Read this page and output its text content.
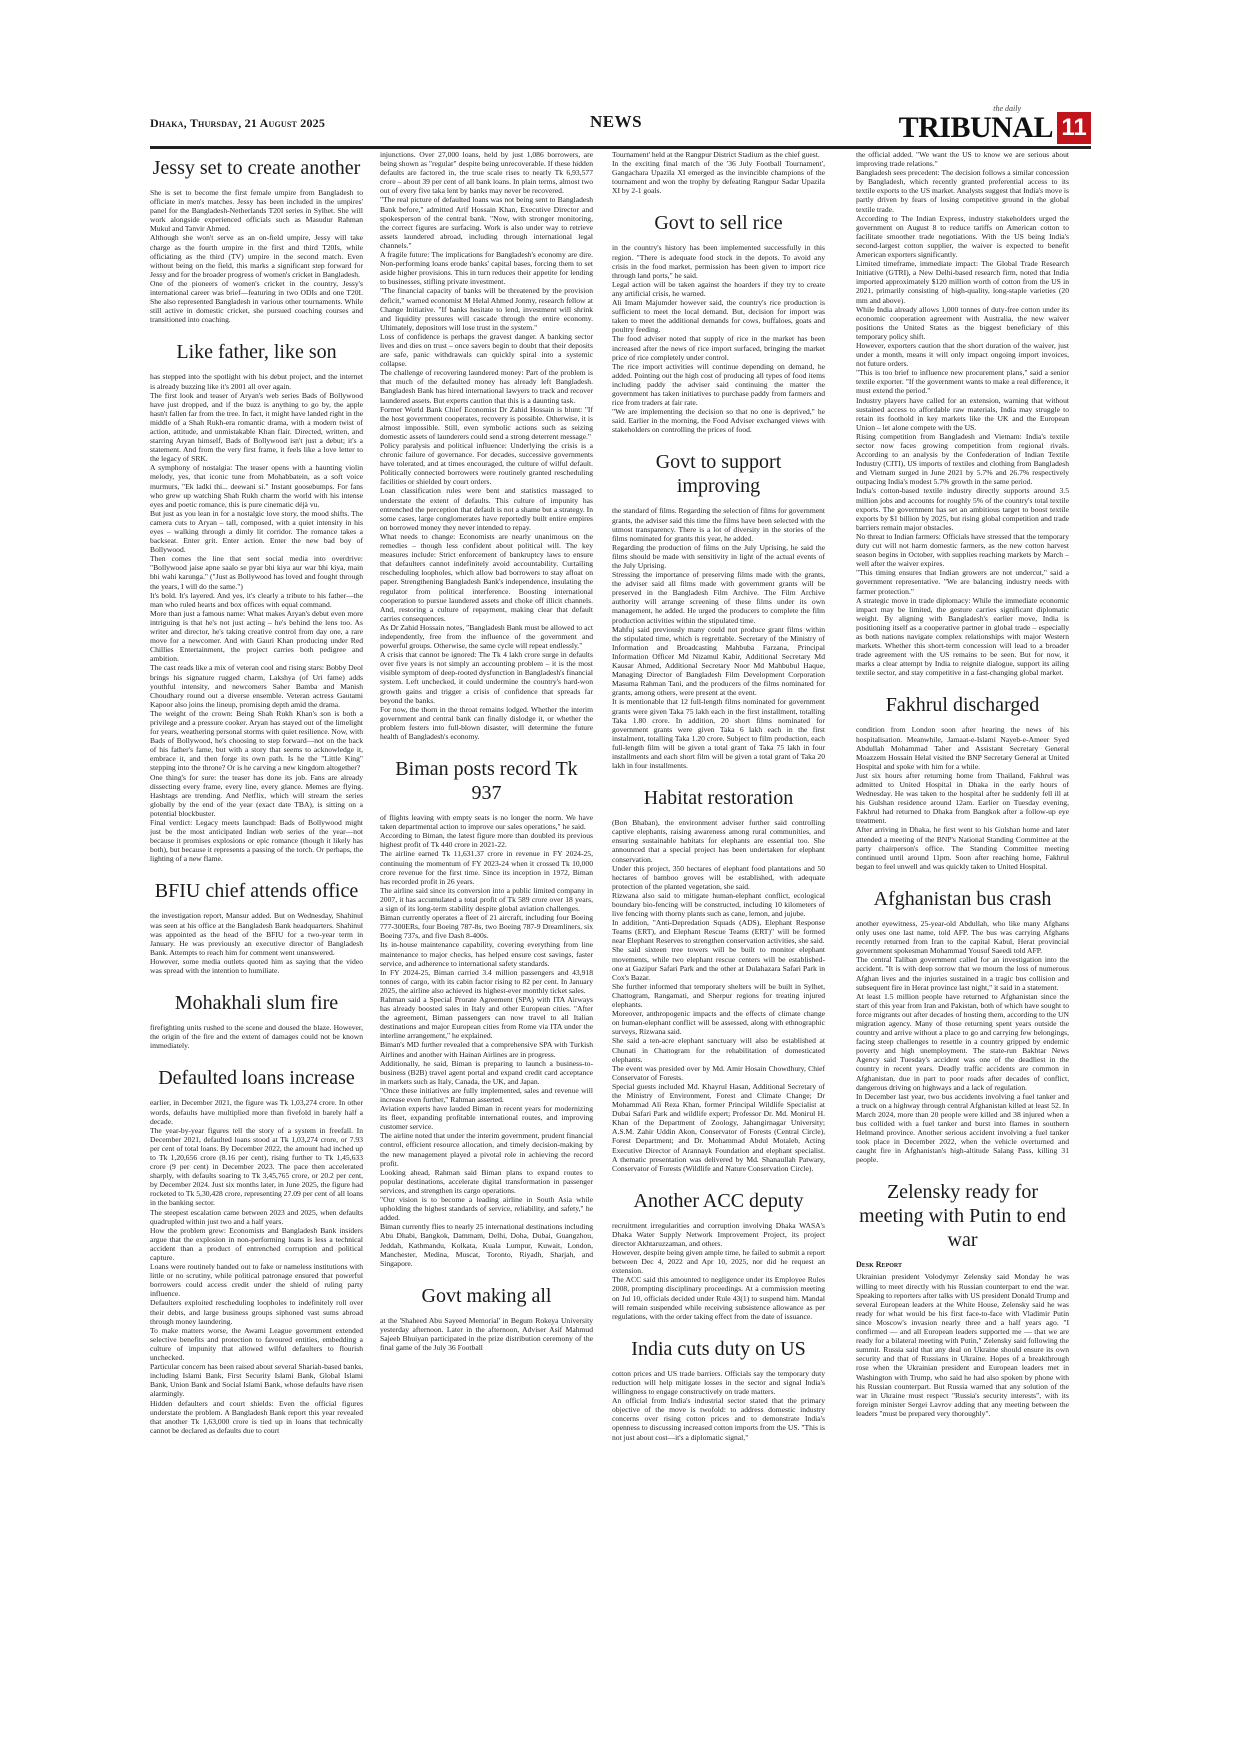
Dhaka, Thursday, 21 August 2025	NEWS
the daily
TRIBUNAL 11
Jessy set to create another
She is set to become the first female umpire from Bangladesh to officiate in men's matches. Jessy has been included in the umpires' panel for the Bangladesh-Netherlands T20I series in Sylhet. She will work alongside experienced officials such as Masudur Rahman Mukul and Tanvir Ahmed.
Although she won't serve as an on-field umpire, Jessy will take charge as the fourth umpire in the first and third T20Is, while officiating as the third (TV) umpire in the second match. Even without being on the field, this marks a significant step forward for Jessy and for the broader progress of women's cricket in Bangladesh.
One of the pioneers of women's cricket in the country, Jessy's international career was brief—featuring in two ODIs and one T20I. She also represented Bangladesh in various other tournaments. While still active in domestic cricket, she pursued coaching courses and transitioned into coaching.
Like father, like son
has stepped into the spotlight with his debut project, and the internet is already buzzing like it's 2001 all over again.
The first look and teaser of Aryan's web series Bads of Bollywood have just dropped, and if the buzz is anything to go by, the apple hasn't fallen far from the tree. In fact, it might have landed right in the middle of a Shah Rukh-era romantic drama, with a modern twist of action, attitude, and unmistakable Khan flair. Directed, written, and starring Aryan himself, Bads of Bollywood isn't just a debut; it's a statement. And from the very first frame, it feels like a love letter to the legacy of SRK.
A symphony of nostalgia: The teaser opens with a haunting violin melody, yes, that iconic tune from Mohabbatein, as a soft voice murmurs, "Ek ladki thi... deewani si." Instant goosebumps. For fans who grew up watching Shah Rukh charm the world with his intense eyes and poetic romance, this is pure cinematic déjà vu.
But just as you lean in for a nostalgic love story, the mood shifts. The camera cuts to Aryan – tall, composed, with a quiet intensity in his eyes – walking through a dimly lit corridor. The romance takes a backseat. Enter grit. Enter action. Enter the new bad boy of Bollywood.
Then comes the line that sent social media into overdrive: "Bollywood jaise apne saalo se pyar bhi kiya aur war bhi kiya, main bhi wahi karunga." ("Just as Bollywood has loved and fought through the years, I will do the same.")
It's bold. It's layered. And yes, it's clearly a tribute to his father—the man who ruled hearts and box offices with equal command.
More than just a famous name: What makes Aryan's debut even more intriguing is that he's not just acting – he's behind the lens too. As writer and director, he's taking creative control from day one, a rare move for a newcomer. And with Gauri Khan producing under Red Chillies Entertainment, the project carries both pedigree and ambition.
The cast reads like a mix of veteran cool and rising stars: Bobby Deol brings his signature rugged charm, Lakshya (of Uri fame) adds youthful intensity, and newcomers Saher Bamba and Manish Choudhary round out a diverse ensemble. Veteran actress Gautami Kapoor also joins the lineup, promising depth amid the drama.
The weight of the crown: Being Shah Rukh Khan's son is both a privilege and a pressure cooker. Aryan has stayed out of the limelight for years, weathering personal storms with quiet resilience. Now, with Bads of Bollywood, he's choosing to step forward—not on the back of his father's fame, but with a story that seems to acknowledge it, embrace it, and then forge its own path. Is he the "Little King" stepping into the throne? Or is he carving a new kingdom altogether?
One thing's for sure: the teaser has done its job. Fans are already dissecting every frame, every line, every glance. Memes are flying. Hashtags are trending. And Netflix, which will stream the series globally by the end of the year (exact date TBA), is sitting on a potential blockbuster.
Final verdict: Legacy meets launchpad: Bads of Bollywood might just be the most anticipated Indian web series of the year—not because it promises explosions or epic romance (though it likely has both), but because it represents a passing of the torch. Or perhaps, the lighting of a new flame.
BFIU chief attends office
the investigation report, Mansur added. But on Wednesday, Shahinul was seen at his office at the Bangladesh Bank headquarters. Shahinul was appointed as the head of the BFIU for a two-year term in January. He was previously an executive director of Bangladesh Bank. Attempts to reach him for comment went unanswered.
However, some media outlets quoted him as saying that the video was spread with the intention to humiliate.
Mohakhali slum fire
firefighting units rushed to the scene and doused the blaze. However, the origin of the fire and the extent of damages could not be known immediately.
Defaulted loans increase
earlier, in December 2021, the figure was Tk 1,03,274 crore. In other words, defaults have multiplied more than fivefold in barely half a decade.
The year-by-year figures tell the story of a system in freefall. In December 2021, defaulted loans stood at Tk 1,03,274 crore, or 7.93 per cent of total loans. By December 2022, the amount had inched up to Tk 1,20,656 crore (8.16 per cent), rising further to Tk 1,45,633 crore (9 per cent) in December 2023. The pace then accelerated sharply, with defaults soaring to Tk 3,45,765 crore, or 20.2 per cent, by December 2024. Just six months later, in June 2025, the figure had rocketed to Tk 5,30,428 crore, representing 27.09 per cent of all loans in the banking sector.
The steepest escalation came between 2023 and 2025, when defaults quadrupled within just two and a half years.
How the problem grew: Economists and Bangladesh Bank insiders argue that the explosion in non-performing loans is less a technical accident than a product of entrenched corruption and political capture.
Loans were routinely handed out to fake or nameless institutions with little or no scrutiny, while political patronage ensured that powerful borrowers could access credit under the shield of ruling party influence.
Defaulters exploited rescheduling loopholes to indefinitely roll over their debts, and large business groups siphoned vast sums abroad through money laundering.
To make matters worse, the Awami League government extended selective benefits and protection to favoured entities, embedding a culture of impunity that allowed wilful defaulters to flourish unchecked.
Particular concern has been raised about several Shariah-based banks, including Islami Bank, First Security Islami Bank, Global Islami Bank, Union Bank and Social Islami Bank, whose defaults have risen alarmingly.
Hidden defaulters and court shields: Even the official figures understate the problem. A Bangladesh Bank report this year revealed that another Tk 1,63,000 crore is tied up in loans that technically cannot be declared as defaults due to court
injunctions. Over 27,000 loans, held by just 1,086 borrowers, are being shown as "regular" despite being unrecoverable. If these hidden defaults are factored in, the true scale rises to nearly Tk 6,93,577 crore – about 39 per cent of all bank loans. In plain terms, almost two out of every five taka lent by banks may never be recovered.
"The real picture of defaulted loans was not being sent to Bangladesh Bank before," admitted Arif Hossain Khan, Executive Director and spokesperson of the central bank. "Now, with stronger monitoring, the correct figures are surfacing. Work is also under way to retrieve assets laundered abroad, including through international legal channels."
A fragile future: The implications for Bangladesh's economy are dire. Non-performing loans erode banks' capital bases, forcing them to set aside higher provisions. This in turn reduces their appetite for lending to businesses, stifling private investment.
"The financial capacity of banks will be threatened by the provision deficit," warned economist M Helal Ahmed Jonmy, research fellow at Change Initiative. "If banks hesitate to lend, investment will shrink and liquidity pressures will cascade through the entire economy. Ultimately, depositors will lose trust in the system."
Loss of confidence is perhaps the gravest danger. A banking sector lives and dies on trust – once savers begin to doubt that their deposits are safe, panic withdrawals can quickly spiral into a systemic collapse.
The challenge of recovering laundered money: Part of the problem is that much of the defaulted money has already left Bangladesh. Bangladesh Bank has hired international lawyers to track and recover laundered assets. But experts caution that this is a daunting task.
Former World Bank Chief Economist Dr Zahid Hossain is blunt: "If the host government cooperates, recovery is possible. Otherwise, it is almost impossible. Still, even symbolic actions such as seizing domestic assets of launderers could send a strong deterrent message."
Policy paralysis and political influence: Underlying the crisis is a chronic failure of governance. For decades, successive governments have tolerated, and at times encouraged, the culture of wilful default. Politically connected borrowers were routinely granted rescheduling facilities or shielded by court orders.
Loan classification rules were bent and statistics massaged to understate the extent of defaults. This culture of impunity has entrenched the perception that default is not a shame but a strategy. In some cases, large conglomerates have reportedly built entire empires on borrowed money they never intended to repay.
What needs to change: Economists are nearly unanimous on the remedies – though less confident about political will. The key measures include: Strict enforcement of bankruptcy laws to ensure that defaulters cannot indefinitely avoid accountability. Curtailing rescheduling loopholes, which allow bad borrowers to stay afloat on paper. Strengthening Bangladesh Bank's independence, insulating the regulator from political interference. Boosting international cooperation to pursue laundered assets and choke off illicit channels. And, restoring a culture of repayment, making clear that default carries consequences.
As Dr Zahid Hossain notes, "Bangladesh Bank must be allowed to act independently, free from the influence of the government and powerful groups. Otherwise, the same cycle will repeat endlessly."
A crisis that cannot be ignored: The Tk 4 lakh crore surge in defaults over five years is not simply an accounting problem – it is the most visible symptom of deep-rooted dysfunction in Bangladesh's financial system. Left unchecked, it could undermine the country's hard-won growth gains and trigger a crisis of confidence that spreads far beyond the banks.
For now, the thorn in the throat remains lodged. Whether the interim government and central bank can finally dislodge it, or whether the problem festers into full-blown disaster, will determine the future health of Bangladesh's economy.
Biman posts record Tk 937
of flights leaving with empty seats is no longer the norm. We have taken departmental action to improve our sales operations," he said.
According to Biman, the latest figure more than doubled its previous highest profit of Tk 440 crore in 2021-22.
The airline earned Tk 11,631.37 crore in revenue in FY 2024-25, continuing the momentum of FY 2023-24 when it crossed Tk 10,000 crore revenue for the first time. Since its inception in 1972, Biman has recorded profit in 26 years.
The airline said since its conversion into a public limited company in 2007, it has accumulated a total profit of Tk 589 crore over 18 years, a sign of its long-term stability despite global aviation challenges.
Biman currently operates a fleet of 21 aircraft, including four Boeing 777-300ERs, four Boeing 787-8s, two Boeing 787-9 Dreamliners, six Boeing 737s, and five Dash 8-400s.
Its in-house maintenance capability, covering everything from line maintenance to major checks, has helped ensure cost savings, faster service, and adherence to international safety standards.
In FY 2024-25, Biman carried 3.4 million passengers and 43,918 tonnes of cargo, with its cabin factor rising to 82 per cent. In January 2025, the airline also achieved its highest-ever monthly ticket sales.
Rahman said a Special Prorate Agreement (SPA) with ITA Airways has already boosted sales in Italy and other European cities. "After the agreement, Biman passengers can now travel to all Italian destinations and major European cities from Rome via ITA under the interline arrangement," he explained.
Biman's MD further revealed that a comprehensive SPA with Turkish Airlines and another with Hainan Airlines are in progress.
Additionally, he said, Biman is preparing to launch a business-to-business (B2B) travel agent portal and expand credit card acceptance in markets such as Italy, Canada, the UK, and Japan.
"Once these initiatives are fully implemented, sales and revenue will increase even further," Rahman asserted.
Aviation experts have lauded Biman in recent years for modernizing its fleet, expanding profitable international routes, and improving customer service.
The airline noted that under the interim government, prudent financial control, efficient resource allocation, and timely decision-making by the new management played a pivotal role in achieving the record profit.
Looking ahead, Rahman said Biman plans to expand routes to popular destinations, accelerate digital transformation in passenger services, and strengthen its cargo operations.
"Our vision is to become a leading airline in South Asia while upholding the highest standards of service, reliability, and safety," he added.
Biman currently flies to nearly 25 international destinations including Abu Dhabi, Bangkok, Dammam, Delhi, Doha, Dubai, Guangzhou, Jeddah, Kathmandu, Kolkata, Kuala Lumpur, Kuwait, London, Manchester, Medina, Muscat, Toronto, Riyadh, Sharjah, and Singapore.
Govt making all
at the 'Shaheed Abu Sayeed Memorial' in Begum Rokeya University yesterday afternoon. Later in the afternoon, Adviser Asif Mahmud Sajeeb Bhuiyan participated in the prize distribution ceremony of the final game of the July 36 Football
Tournament' held at the Rangpur District Stadium as the chief guest.
In the exciting final match of the '36 July Football Tournament', Gangachara Upazila XI emerged as the invincible champions of the tournament and won the trophy by defeating Rangpur Sadar Upazila XI by 2-1 goals.
Govt to sell rice
in the country's history has been implemented successfully in this region. "There is adequate food stock in the depots. To avoid any crisis in the food market, permission has been given to import rice through land ports," he said.
Legal action will be taken against the hoarders if they try to create any artificial crisis, he warned.
Ali Imam Majumder however said, the country's rice production is sufficient to meet the local demand. But, decision for import was taken to meet the additional demands for cows, buffaloes, goats and poultry feeding.
The food adviser noted that supply of rice in the market has been increased after the news of rice import surfaced, bringing the market price of rice completely under control.
The rice import activities will continue depending on demand, he added. Pointing out the high cost of producing all types of food items including paddy the adviser said continuing the matter the government has taken initiatives to purchase paddy from farmers and rice from traders at fair rate.
"We are implementing the decision so that no one is deprived," he said. Earlier in the morning, the Food Adviser exchanged views with stakeholders on controlling the prices of food.
Govt to support improving
the standard of films. Regarding the selection of films for government grants, the adviser said this time the films have been selected with the utmost transparency. There is a lot of diversity in the stories of the films nominated for grants this year, he added.
Regarding the production of films on the July Uprising, he said the films should be made with sensitivity in light of the actual events of the July Uprising.
Stressing the importance of preserving films made with the grants, the adviser said all films made with government grants will be preserved in the Bangladesh Film Archive. The Film Archive authority will arrange screening of these films under its own management, he added. He urged the producers to complete the film production activities within the stipulated time.
Mahfuj said previously many could not produce grant films within the stipulated time, which is regrettable. Secretary of the Ministry of Information and Broadcasting Mahbuba Farzana, Principal Information Officer Md Nizamul Kabir, Additional Secretary Md Kausar Ahmed, Additional Secretary Noor Md Mahbubul Haque, Managing Director of Bangladesh Film Development Corporation Masuma Rahman Tani, and the producers of the films nominated for grants, among others, were present at the event.
It is mentionable that 12 full-length films nominated for government grants were given Taka 75 lakh each in the first installment, totalling Taka 1.80 crore. In addition, 20 short films nominated for government grants were given Taka 6 lakh each in the first instalment, totalling Taka 1.20 crore. Subject to film production, each full-length film will be given a total grant of Taka 75 lakh in four installments and each short film will be given a total grant of Taka 20 lakh in four installments.
Habitat restoration
(Bon Bhaban), the environment adviser further said controlling captive elephants, raising awareness among rural communities, and ensuring sustainable habitats for elephants are essential too. She announced that a special project has been undertaken for elephant conservation.
Under this project, 350 hectares of elephant food plantations and 50 hectares of bamboo groves will be established, with adequate protection of the planted vegetation, she said.
Rizwana also said to mitigate human-elephant conflict, ecological boundary bio-fencing will be constructed, including 10 kilometers of live fencing with thorny plants such as cane, lemon, and jujube.
In addition, "Anti-Depredation Squads (ADS), Elephant Response Teams (ERT), and Elephant Rescue Teams (ERT)" will be formed near Elephant Reserves to strengthen conservation activities, she said.
She said sixteen tree towers will be built to monitor elephant movements, while two elephant rescue centers will be established-one at Gazipur Safari Park and the other at Dulahazara Safari Park in Cox's Bazar.
She further informed that temporary shelters will be built in Sylhet, Chattogram, Rangamati, and Sherpur regions for treating injured elephants.
Moreover, anthropogenic impacts and the effects of climate change on human-elephant conflict will be assessed, along with ethnographic surveys, Rizwana said.
She said a ten-acre elephant sanctuary will also be established at Chunati in Chattogram for the rehabilitation of domesticated elephants.
The event was presided over by Md. Amir Hosain Chowdhury, Chief Conservator of Forests.
Special guests included Md. Khayrul Hasan, Additional Secretary of the Ministry of Environment, Forest and Climate Change; Dr Mohammad Ali Reza Khan, former Principal Wildlife Specialist at Dubai Safari Park and wildlife expert; Professor Dr. Md. Monirul H. Khan of the Department of Zoology, Jahangirnagar University; A.S.M. Zahir Uddin Akon, Conservator of Forests (Central Circle), Forest Department; and Dr. Mohammad Abdul Motaleb, Acting Executive Director of Arannayk Foundation and elephant specialist. A thematic presentation was delivered by Md. Shanaullah Patwary, Conservator of Forests (Wildlife and Nature Conservation Circle).
Another ACC deputy
recruitment irregularities and corruption involving Dhaka WASA's Dhaka Water Supply Network Improvement Project, its project director Akhtaruzzaman, and others.
However, despite being given ample time, he failed to submit a report between Dec 4, 2022 and Apr 10, 2025, nor did he request an extension.
The ACC said this amounted to negligence under its Employee Rules 2008, prompting disciplinary proceedings. At a commission meeting on Jul 10, officials decided under Rule 43(1) to suspend him. Mandal will remain suspended while receiving subsistence allowance as per regulations, with the order taking effect from the date of issuance.
India cuts duty on US
cotton prices and US trade barriers. Officials say the temporary duty reduction will help mitigate losses in the sector and signal India's willingness to engage constructively on trade matters.
An official from India's industrial sector stated that the primary objective of the move is twofold: to address domestic industry concerns over rising cotton prices and to demonstrate India's openness to discussing increased cotton imports from the US. "This is not just about cost—it's a diplomatic signal,"
the official added. "We want the US to know we are serious about improving trade relations."
Bangladesh sees precedent: The decision follows a similar concession by Bangladesh, which recently granted preferential access to its textile exports to the US market. Analysts suggest that India's move is partly driven by fears of losing competitive ground in the global textile trade.
According to The Indian Express, industry stakeholders urged the government on August 8 to reduce tariffs on American cotton to facilitate smoother trade negotiations. With the US being India's second-largest cotton supplier, the waiver is expected to benefit American exporters significantly.
Limited timeframe, immediate impact: The Global Trade Research Initiative (GTRI), a New Delhi-based research firm, noted that India imported approximately $120 million worth of cotton from the US in 2021, primarily consisting of high-quality, long-staple varieties (20 mm and above).
While India already allows 1,000 tonnes of duty-free cotton under its economic cooperation agreement with Australia, the new waiver positions the United States as the biggest beneficiary of this temporary policy shift.
However, exporters caution that the short duration of the waiver, just under a month, means it will only impact ongoing import invoices, not future orders.
"This is too brief to influence new procurement plans," said a senior textile exporter. "If the government wants to make a real difference, it must extend the period."
Industry players have called for an extension, warning that without sustained access to affordable raw materials, India may struggle to retain its foothold in key markets like the UK and the European Union – let alone compete with the US.
Rising competition from Bangladesh and Vietnam: India's textile sector now faces growing competition from regional rivals. According to an analysis by the Confederation of Indian Textile Industry (CITI), US imports of textiles and clothing from Bangladesh and Vietnam surged in June 2021 by 5.7% and 26.7% respectively outpacing India's modest 5.7% growth in the same period.
India's cotton-based textile industry directly supports around 3.5 million jobs and accounts for roughly 5% of the country's total textile exports. The government has set an ambitious target to boost textile exports by $1 billion by 2025, but rising global competition and trade barriers remain major obstacles.
No threat to Indian farmers: Officials have stressed that the temporary duty cut will not harm domestic farmers, as the new cotton harvest season begins in October, with supplies reaching markets by March – well after the waiver expires.
"This timing ensures that Indian growers are not undercut," said a government representative. "We are balancing industry needs with farmer protection."
A strategic move in trade diplomacy: While the immediate economic impact may be limited, the gesture carries significant diplomatic weight. By aligning with Bangladesh's earlier move, India is positioning itself as a cooperative partner in global trade – especially as both nations navigate complex relationships with major Western markets. Whether this short-term concession will lead to a broader trade agreement with the US remains to be seen. But for now, it marks a clear attempt by India to reignite dialogue, support its ailing textile sector, and stay competitive in a fast-changing global market.
Fakhrul discharged
condition from London soon after hearing the news of his hospitalisation. Meanwhile, Jamaat-e-Islami Nayeb-e-Ameer Syed Abdullah Mohammad Taher and Assistant Secretary General Moazzem Hossain Helal visited the BNP Secretary General at United Hospital and spoke with him for a while.
Just six hours after returning home from Thailand, Fakhrul was admitted to United Hospital in Dhaka in the early hours of Wednesday. He was taken to the hospital after he suddenly fell ill at his Gulshan residence around 12am. Earlier on Tuesday evening, Fakhrul had returned to Dhaka from Bangkok after a follow-up eye treatment.
After arriving in Dhaka, he first went to his Gulshan home and later attended a meeting of the BNP's National Standing Committee at the party chairperson's office. The Standing Committee meeting continued until around 11pm. Soon after reaching home, Fakhrul began to feel unwell and was quickly taken to United Hospital.
Afghanistan bus crash
another eyewitness, 25-year-old Abdullah, who like many Afghans only uses one last name, told AFP. The bus was carrying Afghans recently returned from Iran to the capital Kabul, Herat provincial government spokesman Mohammad Yousuf Saeedi told AFP.
The central Taliban government called for an investigation into the accident. "It is with deep sorrow that we mourn the loss of numerous Afghan lives and the injuries sustained in a tragic bus collision and subsequent fire in Herat province last night," it said in a statement.
At least 1.5 million people have returned to Afghanistan since the start of this year from Iran and Pakistan, both of which have sought to force migrants out after decades of hosting them, according to the UN migration agency. Many of those returning spent years outside the country and arrive without a place to go and carrying few belongings, facing steep challenges to resettle in a country gripped by endemic poverty and high unemployment. The state-run Bakhtar News Agency said Tuesday's accident was one of the deadliest in the country in recent years. Deadly traffic accidents are common in Afghanistan, due in part to poor roads after decades of conflict, dangerous driving on highways and a lack of regulation.
In December last year, two bus accidents involving a fuel tanker and a truck on a highway through central Afghanistan killed at least 52. In March 2024, more than 20 people were killed and 38 injured when a bus collided with a fuel tanker and burst into flames in southern Helmand province. Another serious accident involving a fuel tanker took place in December 2022, when the vehicle overturned and caught fire in Afghanistan's high-altitude Salang Pass, killing 31 people.
Zelensky ready for meeting with Putin to end war
Desk Report
Ukrainian president Volodymyr Zelensky said Monday he was willing to meet directly with his Russian counterpart to end the war. Speaking to reporters after talks with US president Donald Trump and several European leaders at the White House, Zelensky said he was ready for what would be his first face-to-face with Vladimir Putin since Moscow's invasion nearly three and a half years ago. "I confirmed — and all European leaders supported me — that we are ready for a bilateral meeting with Putin," Zelensky said following the summit. Russia said that any deal on Ukraine should ensure its own security and that of Russians in Ukraine. Hopes of a breakthrough rose when the Ukrainian president and European leaders met in Washington with Trump, who said he had also spoken by phone with his Russian counterpart. But Russia warned that any solution of the war in Ukraine must respect "Russia's security interests", with its foreign minister Sergei Lavrov adding that any meeting between the leaders "must be prepared very thoroughly".
